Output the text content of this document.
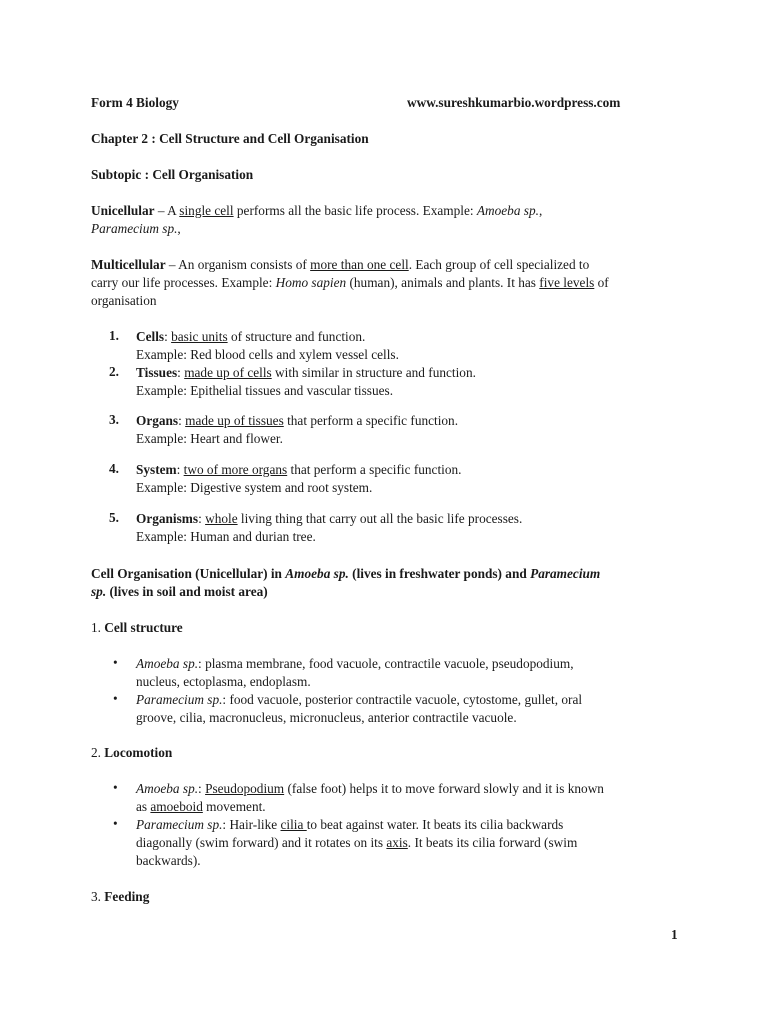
Form 4 Biology	www.sureshkumarbio.wordpress.com
Chapter 2 : Cell Structure and Cell Organisation
Subtopic : Cell Organisation
Unicellular – A single cell performs all the basic life process. Example: Amoeba sp.,
Paramecium sp.,
Multicellular – An organism consists of more than one cell. Each group of cell specialized to
carry our life processes. Example: Homo sapien (human), animals and plants. It has five levels of
organisation
1. Cells: basic units of structure and function.
Example: Red blood cells and xylem vessel cells.
2. Tissues: made up of cells with similar in structure and function.
Example: Epithelial tissues and vascular tissues.
3. Organs: made up of tissues that perform a specific function.
Example: Heart and flower.
4. System: two of more organs that perform a specific function.
Example: Digestive system and root system.
5. Organisms: whole living thing that carry out all the basic life processes.
Example: Human and durian tree.
Cell Organisation (Unicellular) in Amoeba sp. (lives in freshwater ponds) and Paramecium
sp. (lives in soil and moist area)
1. Cell structure
• Amoeba sp.: plasma membrane, food vacuole, contractile vacuole, pseudopodium,
nucleus, ectoplasma, endoplasm.
• Paramecium sp.: food vacuole, posterior contractile vacuole, cytostome, gullet, oral
groove, cilia, macronucleus, micronucleus, anterior contractile vacuole.
2. Locomotion
• Amoeba sp.: Pseudopodium (false foot) helps it to move forward slowly and it is known
as amoeboid movement.
• Paramecium sp.: Hair-like cilia to beat against water. It beats its cilia backwards
diagonally (swim forward) and it rotates on its axis. It beats its cilia forward (swim
backwards).
3. Feeding
1
